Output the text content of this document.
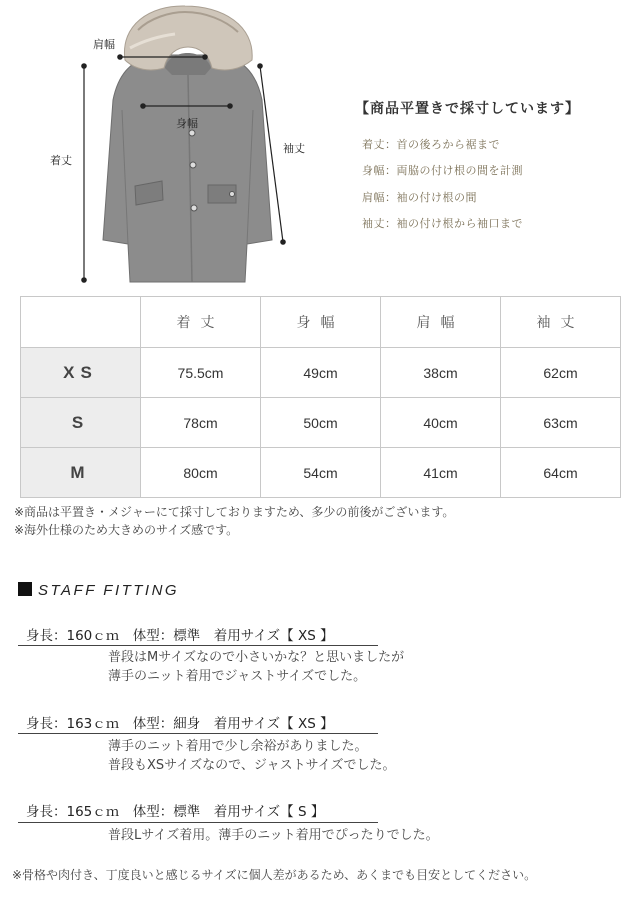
肩幅
身幅
着丈
袖丈
【商品平置きで採寸しています】
着丈：首の後ろから裾まで
身幅：両脇の付け根の間を計測
肩幅：袖の付け根の間
袖丈：袖の付け根から袖口まで
	着丈	身幅	肩幅	袖丈
XS	75.5cm	49cm	38cm	62cm
S	78cm	50cm	40cm	63cm
M	80cm	54cm	41cm	64cm
※商品は平置き・メジャーにて採寸しておりますため、多少の前後がございます。
※海外仕様のため大きめのサイズ感です。
STAFF FITTING
身長：160ｃｍ　体型：標準　着用サイズ【 XS 】
普段はMサイズなので小さいかな？と思いましたが
薄手のニット着用でジャストサイズでした。
身長：163ｃｍ　体型：細身　着用サイズ【 XS 】
薄手のニット着用で少し余裕がありました。
普段もXSサイズなので、ジャストサイズでした。
身長：165ｃｍ　体型：標準　着用サイズ【 S 】
普段Lサイズ着用。薄手のニット着用でぴったりでした。
※骨格や肉付き、丁度良いと感じるサイズに個人差があるため、あくまでも目安としてください。
